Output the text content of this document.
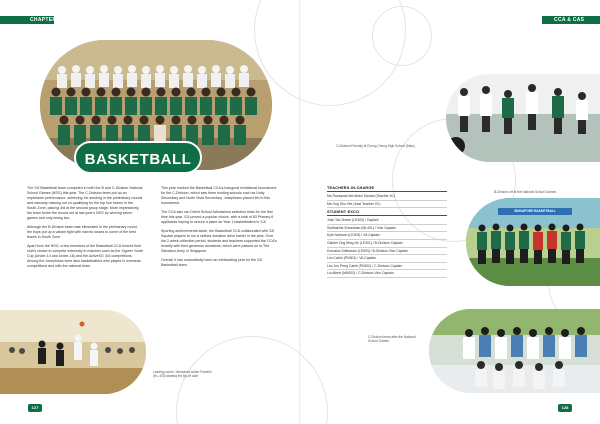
CHAPTER 5
BASKETBALL

The SJI Basketball team competed in both the B and C-Division National School Games (NSG) this year. The C-Division team put up an impressive performance, achieving 1st seeding in the preliminary rounds and narrowly missing out on qualifying for the top four teams in the South Zone, placing 3rd at the second group stage. More impressively, the team broke the record set at last year's NSG by winning seven games and only losing two.

Although the B-Division team was eliminated in the preliminary round, the boys put up a valiant fight with narrow losses to some of the best teams in South Zone.

Apart from the NSG, a few members of the Basketball CCA formed their club's choice to compete externally in matches such as the Xigorer Youth Cup (Under-14 and Under-16) and the ActiveSG 3x3 competitions. Among the Josephians were also basketballers who played in overseas competitions and with the national team.

This year marked the Basketball CCA's inaugural invitational tournament for the C-Division, which saw them hosting schools such as Unity Secondary and North Vista Secondary. Josephians placed 4th in this tournament.

The CCA also ran Direct School Admissions selection trials for the first time this year. SJI proved a popular choice, with a total of 83 Primary 6 applicants hoping to secure a place as Year 1 basketballers in SJI.

Sporting achievements aside, the Basketball CCA collaborated with SJI Squash players to run a clothes donation drive earlier in the year. Over the 2-week collection period, students and teachers supported the CCA's heartily with their generous donations, which were passed on to The Salvation Army in Singapore.

Overall, it has undoubtedly been an exhilarating year for the SJI Basketball team.

Leading scorer Johnsaves Adam Franklin (HL-403) starting the tip-off duel
127
CCA & CAS
C-Division Friendly at Chung Cheng High School (Main)
TEACHERS-IN-CHARGE
Ms Rozaynah bte Abdul Samad (Teacher I/C)
Ms Ong Shu Yee (Asst Teacher I/C)
STUDENT EXCO
Josh Tan Zhean (LE403) / Captain
Siddhartha Srivasthan (ML401) / Vice Captain
Kyle Narhson (LE403) / VA Captain
Gabriel Ong Ming Jie (LE301) / B-Division Captain
Dornalus Snithanan (LE503) / B-Division Vice Captain
Lim Calvin (PN301) / VA Captain
Leo Jun Peng Caleb (PN202) / C-Division Captain
Liu Albert (MN202) / C-Division Vice Captain
B-Division off at the National School Games
SINGAPORE BASKETBALL
C-Division team after the National School Games
128
